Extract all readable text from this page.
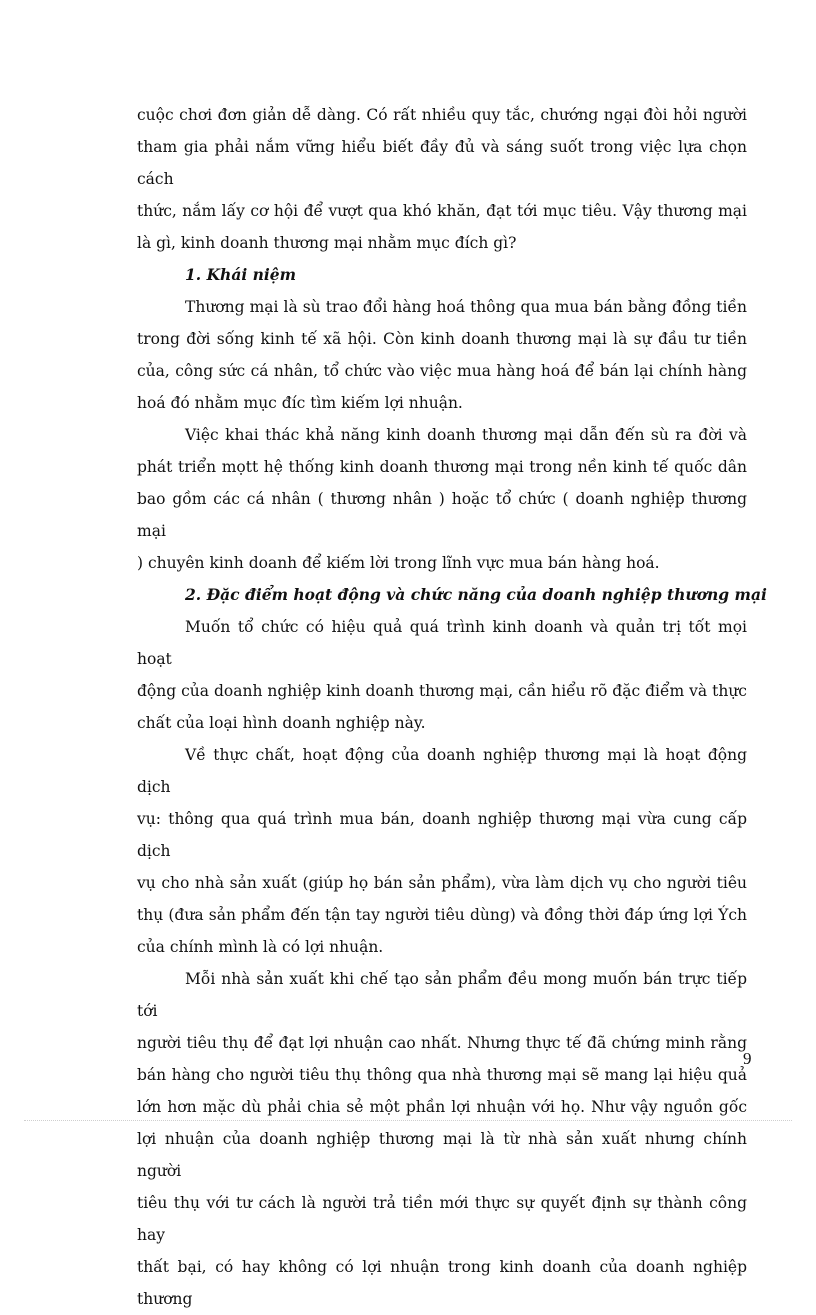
cuộc chơi đơn giản dễ dàng. Có rất nhiều quy tắc, chướng ngại đòi hỏi người

tham gia phải nắm vững hiểu biết đầy đủ và sáng suốt trong việc lựa chọn cách

thức, nắm lấy cơ hội để vượt qua khó khăn, đạt tới mục tiêu. Vậy thương mại

là gì, kinh doanh thương mại nhằm mục đích gì?

1. Khái niệm

Thương mại là sù trao đổi hàng hoá thông qua mua bán bằng đồng tiền

trong đời sống kinh tế xã hội. Còn kinh doanh thương mại là sự đầu tư tiền

của, công sức cá nhân, tổ chức vào việc mua hàng hoá để bán lại chính hàng

hoá đó nhằm mục đíc tìm kiếm lợi nhuận.

Việc khai thác khả năng kinh doanh thương mại dẫn đến sù ra đời và

phát triển mọtt hệ thống kinh doanh thương mại trong nền kinh tế quốc dân

bao gồm các cá nhân ( thương nhân ) hoặc tổ chức ( doanh nghiệp thương mại

) chuyên kinh doanh để kiếm lời trong lĩnh vực mua bán hàng hoá.

2. Đặc điểm hoạt động và chức năng của doanh nghiệp thương mại

Muốn tổ chức có hiệu quả quá trình kinh doanh và quản trị tốt mọi hoạt

động của doanh nghiệp kinh doanh thương mại, cần hiểu rõ đặc điểm và thực

chất của loại hình doanh nghiệp này.

Về thực chất, hoạt động của doanh nghiệp thương mại là hoạt động dịch

vụ: thông qua quá trình mua bán, doanh nghiệp thương mại vừa cung cấp dịch

vụ cho nhà sản xuất (giúp họ bán sản phẩm), vừa làm dịch vụ cho người tiêu

thụ (đưa sản phẩm đến tận tay người tiêu dùng) và đồng thời đáp ứng lợi Ých

của chính mình là có lợi nhuận.

Mỗi nhà sản xuất khi chế tạo sản phẩm đều mong muốn bán trực tiếp tới

người tiêu thụ để đạt lợi nhuận cao nhất. Nhưng thực tế đã chứng minh rằng

bán hàng cho người tiêu thụ thông qua nhà thương mại sẽ mang lại hiệu quả

lớn hơn mặc dù phải chia sẻ một phần lợi nhuận với họ. Như vậy nguồn gốc

lợi nhuận của doanh nghiệp thương mại là từ nhà sản xuất nhưng chính người

tiêu thụ với tư cách là người trả tiền mới thực sự quyết định sự thành công hay

thất bại, có hay không có lợi nhuận trong kinh doanh của doanh nghiệp thương

9
